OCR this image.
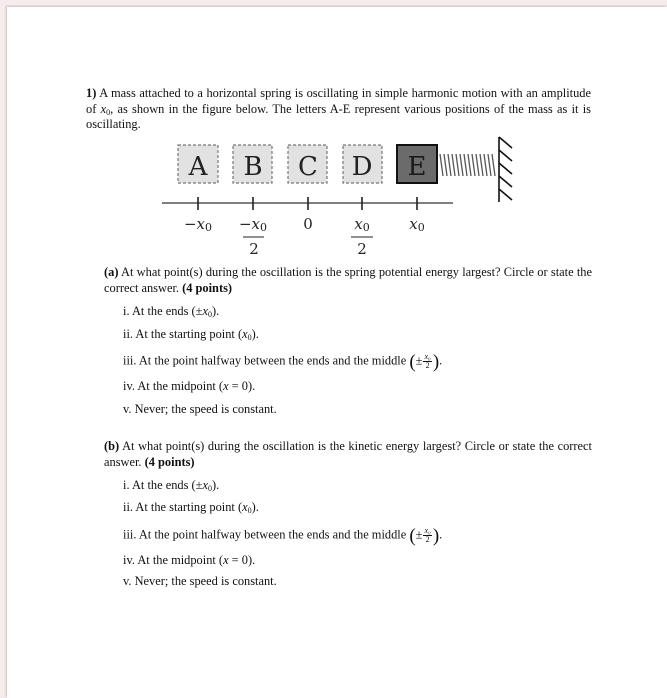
1) A mass attached to a horizontal spring is oscillating in simple harmonic motion with an amplitude of $x_0$, as shown in the figure below. The letters A-E represent various positions of the mass as it is oscillating.
A B C D E
−x0 −x0
2
0	x0
2
x0
(a) At what point(s) during the oscillation is the spring potential energy largest? Circle or state the correct answer. (4 points)
i. At the ends $(\pm x_0)$.
ii. At the starting point $(x_0)$.
iii. At the point halfway between the ends and the middle (± $\frac{\text{x₀}}{2}$ ).
iv. At the midpoint (x = 0).
v. Never; the speed is constant.
(b) At what point(s) during the oscillation is the kinetic energy largest? Circle or state the correct answer. (4 points)
i. At the ends $(\pm x_0)$.
ii. At the starting point $(x_0)$.
iii. At the point halfway between the ends and the middle (± $\frac{\text{x₀}}{2}$ ).
iv. At the midpoint (x = 0).
v. Never; the speed is constant.
